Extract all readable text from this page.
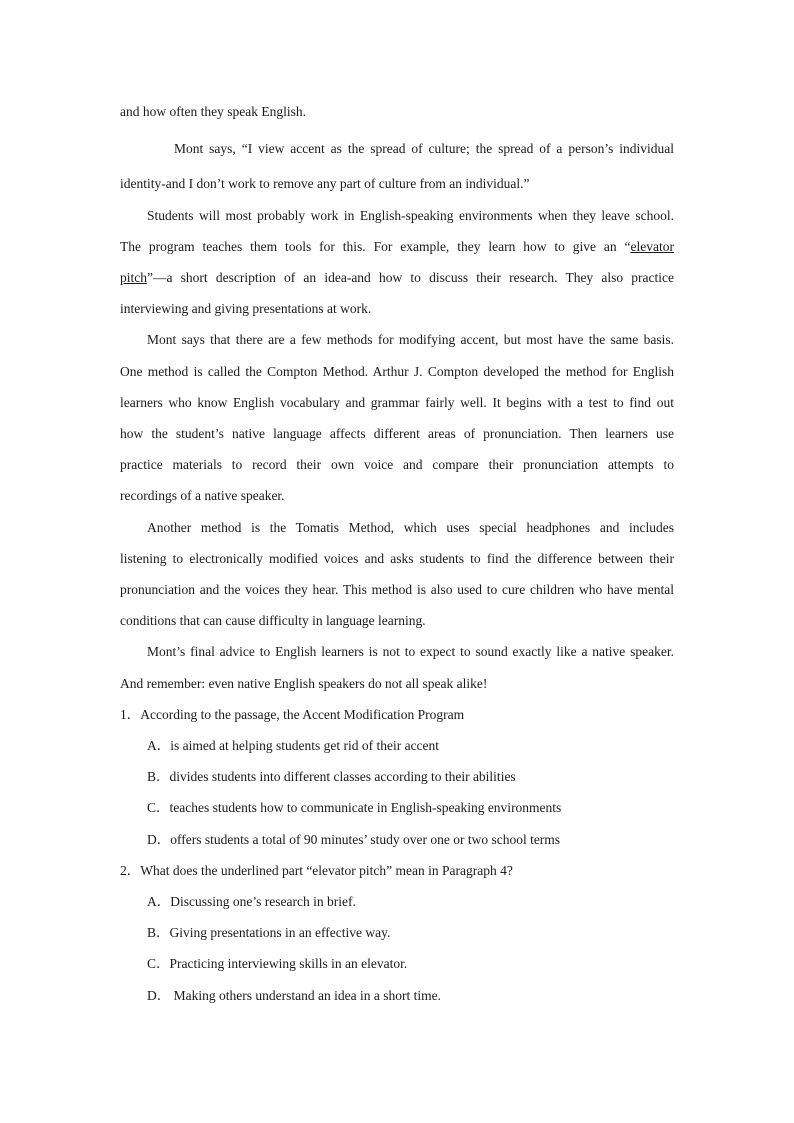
and how often they speak English.
Mont says, “I view accent as the spread of culture; the spread of a person’s individual
identity-and I don’t work to remove any part of culture from an individual.”
Students will most probably work in English-speaking environments when they leave school.
The program teaches them tools for this. For example, they learn how to give an “elevator
pitch”—a short description of an idea-and how to discuss their research. They also practice
interviewing and giving presentations at work.
Mont says that there are a few methods for modifying accent, but most have the same basis.
One method is called the Compton Method. Arthur J. Compton developed the method for English
learners who know English vocabulary and grammar fairly well. It begins with a test to find out
how the student’s native language affects different areas of pronunciation. Then learners use
practice materials to record their own voice and compare their pronunciation attempts to
recordings of a native speaker.
Another method is the Tomatis Method, which uses special headphones and includes
listening to electronically modified voices and asks students to find the difference between their
pronunciation and the voices they hear. This method is also used to cure children who have mental
conditions that can cause difficulty in language learning.
Mont’s final advice to English learners is not to expect to sound exactly like a native speaker.
And remember: even native English speakers do not all speak alike!
1．According to the passage, the Accent Modification Program
A．is aimed at helping students get rid of their accent
B．divides students into different classes according to their abilities
C．teaches students how to communicate in English-speaking environments
D．offers students a total of 90 minutes’ study over one or two school terms
2．What does the underlined part “elevator pitch” mean in Paragraph 4?
A．Discussing one’s research in brief.
B．Giving presentations in an effective way.
C．Practicing interviewing skills in an elevator.
D． Making others understand an idea in a short time.
